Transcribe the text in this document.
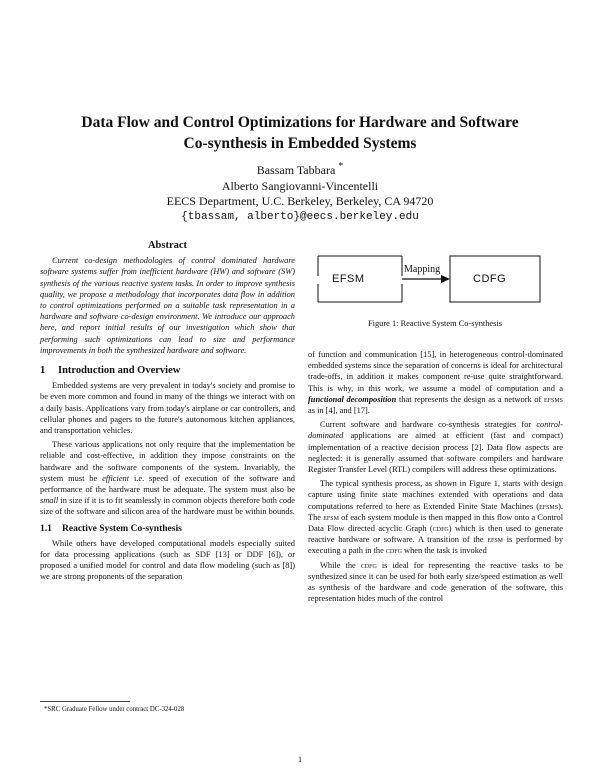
Data Flow and Control Optimizations for Hardware and Software
Co-synthesis in Embedded Systems
Bassam Tabbara *
Alberto Sangiovanni-Vincentelli
EECS Department, U.C. Berkeley, Berkeley, CA 94720
{tbassam, alberto}@eecs.berkeley.edu
Abstract

Current co-design methodologies of control dominated hardware software systems suffer from inefficient hardware (HW) and software (SW) synthesis of the various reactive system tasks. In order to improve synthesis quality, we propose a methodology that incorporates data flow in addition to control optimizations performed on a suitable task representation in a hardware and software co-design environment. We introduce our approach here, and report initial results of our investigation which show that performing such optimizations can lead to size and performance improvements in both the synthesized hardware and software.

1 Introduction and Overview

Embedded systems are very prevalent in today's society and promise to be even more common and found in many of the things we interact with on a daily basis. Applications vary from today's airplane or car controllers, and cellular phones and pagers to the future's autonomous kitchen appliances, and transportation vehicles.

These various applications not only require that the implementation be reliable and cost-effective, in addition they impose constraints on the hardware and the software components of the system. Invariably, the system must be efficient i.e. speed of execution of the software and performance of the hardware must be adequate. The system must also be small in size if it is to fit seamlessly in common objects therefore both code size of the software and silicon area of the hardware must be within bounds.

1.1 Reactive System Co-synthesis

While others have developed computational models especially suited for data processing applications (such as SDF [13] or DDF [6]), or proposed a unified model for control and data flow modeling (such as [8]) we are strong proponents of the separation

EFSM
Mapping
CDFG
Figure 1: Reactive System Co-synthesis

of function and communication [15], in heterogeneous control-dominated embedded systems since the separation of concerns is ideal for architectural trade-offs, in addition it makes component re-use quite straightforward. This is why, in this work, we assume a model of computation and a functional decomposition that represents the design as a network of efsms as in [4], and [17].

Current software and hardware co-synthesis strategies for control-dominated applications are aimed at efficient (fast and compact) implementation of a reactive decision process [2]. Data flow aspects are neglected: it is generally assumed that software compilers and hardware Register Transfer Level (RTL) compilers will address these optimizations.

The typical synthesis process, as shown in Figure 1, starts with design capture using finite state machines extended with operations and data computations referred to here as Extended Finite State Machines (efsms). The efsm of each system module is then mapped in this flow onto a Control Data Flow directed acyclic Graph (cdfg) which is then used to generate reactive hardware or software. A transition of the efsm is performed by executing a path in the cdfg when the task is invoked

While the cdfg is ideal for representing the reactive tasks to be synthesized since it can be used for both early size/speed estimation as well as synthesis of the hardware and code generation of the software, this representation hides much of the control

*SRC Graduate Fellow under contract DC-324-028
1
